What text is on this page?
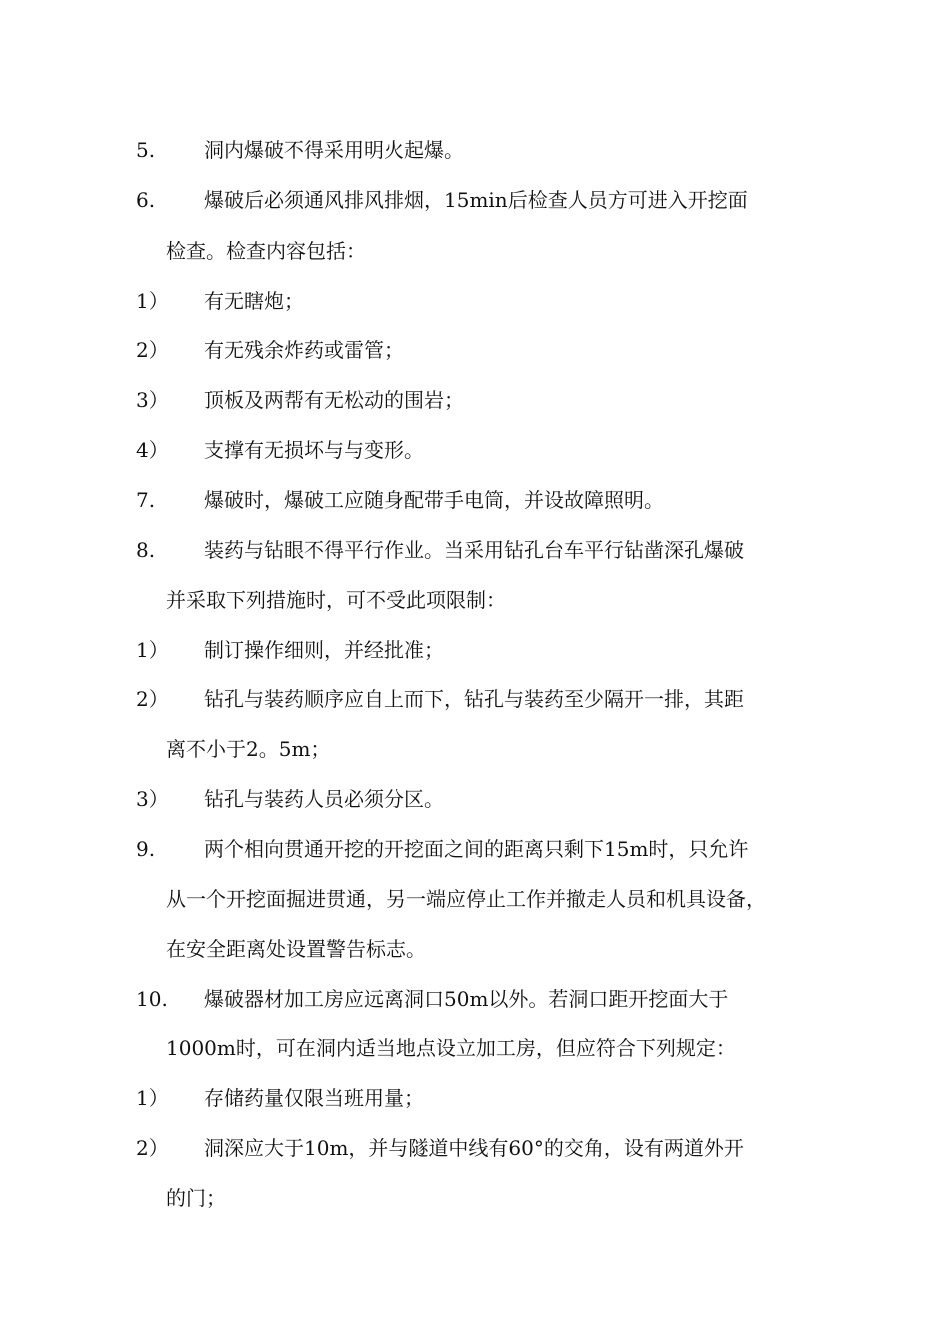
5. 洞内爆破不得采用明火起爆。
6. 爆破后必须通风排风排烟，15min后检查人员方可进入开挖面
检查。检查内容包括：
1） 有无瞎炮；
2） 有无残余炸药或雷管；
3） 顶板及两帮有无松动的围岩；
4） 支撑有无损坏与与变形。
7. 爆破时，爆破工应随身配带手电筒，并设故障照明。
8. 装药与钻眼不得平行作业。当采用钻孔台车平行钻凿深孔爆破
并采取下列措施时，可不受此项限制：
1） 制订操作细则，并经批准；
2） 钻孔与装药顺序应自上而下，钻孔与装药至少隔开一排，其距
离不小于2。5m；
3） 钻孔与装药人员必须分区。
9. 两个相向贯通开挖的开挖面之间的距离只剩下15m时，只允许
从一个开挖面掘进贯通，另一端应停止工作并撤走人员和机具设备，
在安全距离处设置警告标志。
10. 爆破器材加工房应远离洞口50m以外。若洞口距开挖面大于
1000m时，可在洞内适当地点设立加工房，但应符合下列规定：
1） 存储药量仅限当班用量；
2） 洞深应大于10m，并与隧道中线有60°的交角，设有两道外开
的门；
